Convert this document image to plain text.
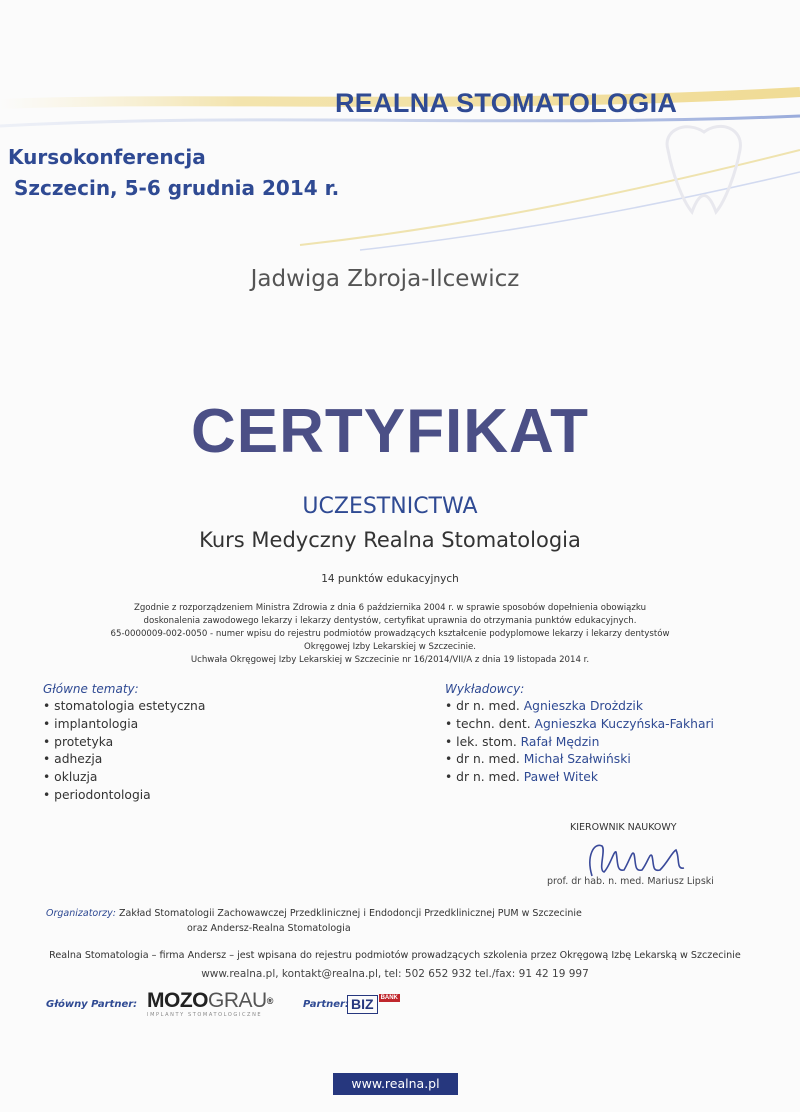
REALNA STOMATOLOGIA
Kursokonferencja
Szczecin, 5-6 grudnia 2014 r.
Jadwiga Zbroja-Ilcewicz
CERTYFIKAT
UCZESTNICTWA
Kurs Medyczny Realna Stomatologia
14 punktów edukacyjnych
Zgodnie z rozporządzeniem Ministra Zdrowia z dnia 6 października 2004 r. w sprawie sposobów dopełnienia obowiązku
doskonalenia zawodowego lekarzy i lekarzy dentystów, certyfikat uprawnia do otrzymania punktów edukacyjnych.
65-0000009-002-0050 - numer wpisu do rejestru podmiotów prowadzących kształcenie podyplomowe lekarzy i lekarzy dentystów
Okręgowej Izby Lekarskiej w Szczecinie.
Uchwała Okręgowej Izby Lekarskiej w Szczecinie nr 16/2014/VII/A z dnia 19 listopada 2014 r.
Główne tematy:
• stomatologia estetyczna
• implantologia
• protetyka
• adhezja
• okluzja
• periodontologia
Wykładowcy:
• dr n. med. Agnieszka Drożdzik
• techn. dent. Agnieszka Kuczyńska-Fakhari
• lek. stom. Rafał Mędzin
• dr n. med. Michał Szałwiński
• dr n. med. Paweł Witek
KIEROWNIK NAUKOWY
prof. dr hab. n. med. Mariusz Lipski
Organizatorzy: Zakład Stomatologii Zachowawczej Przedklinicznej i Endodoncji Przedklinicznej PUM w Szczecinie
oraz Andersz-Realna Stomatologia
Realna Stomatologia – firma Andersz – jest wpisana do rejestru podmiotów prowadzących szkolenia przez Okręgową Izbę Lekarską w Szczecinie
www.realna.pl, kontakt@realna.pl, tel: 502 652 932 tel./fax: 91 42 19 997
Główny Partner: MOZOGRAU®
IMPLANTY STOMATOLOGICZNE
Partner: BIZ BANK
www.realna.pl
